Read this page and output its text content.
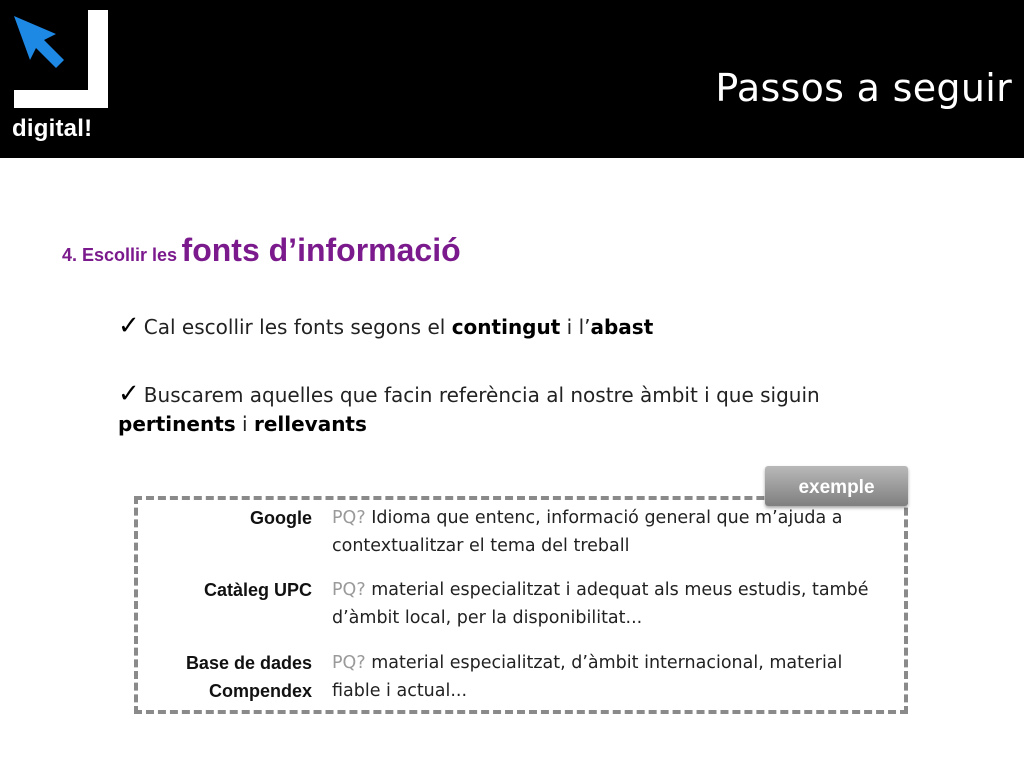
digital!
Passos a seguir
4. Escollir les fonts d’informació
✓ Cal escollir les fonts segons el contingut i l’abast
✓ Buscarem aquelles que facin referència al nostre àmbit i que siguin pertinents i rellevants
exemple
Google PQ? Idioma que entenc, informació general que m’ajuda a contextualitzar el tema del treball
Catàleg UPC PQ? material especialitzat i adequat als meus estudis, també d’àmbit local, per la disponibilitat...
Base de dades Compendex
PQ? material especialitzat, d’àmbit internacional, material fiable i actual...
